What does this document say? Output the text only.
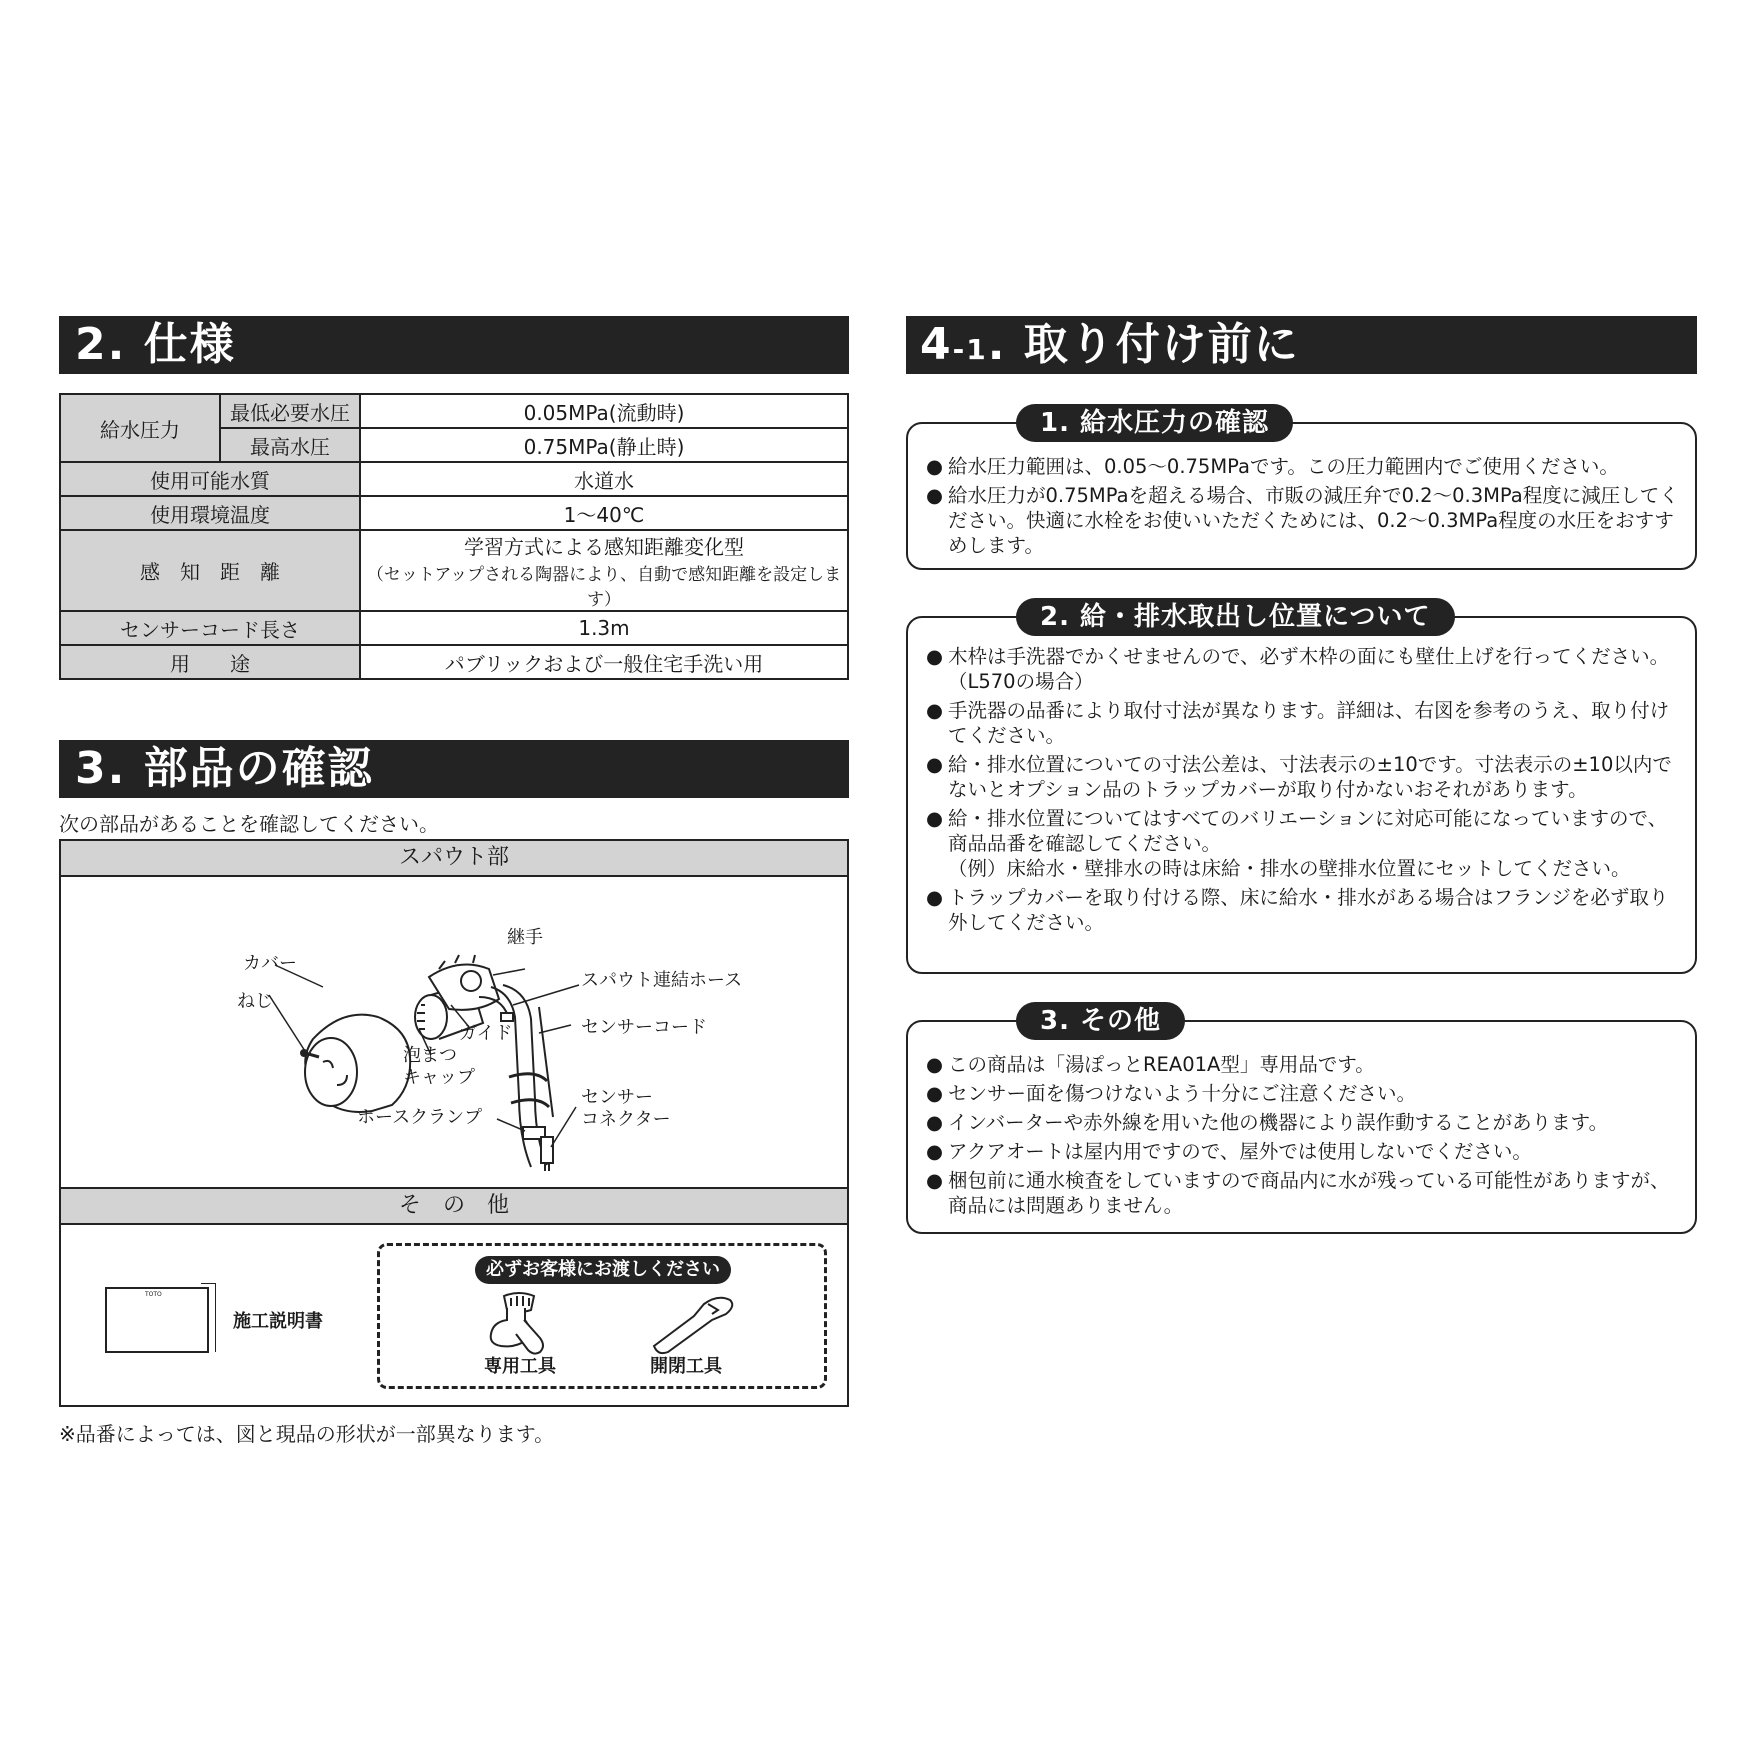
2. 仕様
給水圧力	最低必要水圧	0.05MPa(流動時)
	最高水圧	0.75MPa(静止時)
使用可能水質		水道水
使用環境温度		1～40℃
感　知　距　離		学習方式による感知距離変化型
（セットアップされる陶器により、自動で感知距離を設定します）

センサーコード長さ		1.3m
用　　途		パブリックおよび一般住宅手洗い用
3. 部品の確認
次の部品があることを確認してください。
スパウト部
カバー
ねじ
継手
スパウト連結ホース
ガイド	センサーコード
泡まつ
キャップ
ホースクランプ
センサー
コネクター
そ　の　他
TOTO
施工説明書
必ずお客様にお渡しください
専用工具	開閉工具
※品番によっては、図と現品の形状が一部異なります。
4-1. 取り付け前に
1. 給水圧力の確認
● 給水圧力範囲は、0.05～0.75MPaです。この圧力範囲内でご使用ください。
● 給水圧力が0.75MPaを超える場合、市販の減圧弁で0.2～0.3MPa程度に減圧してください。快適に水栓をお使いいただくためには、0.2～0.3MPa程度の水圧をおすすめします。
2. 給・排水取出し位置について
● 木枠は手洗器でかくせませんので、必ず木枠の面にも壁仕上げを行ってください。（L570の場合）
● 手洗器の品番により取付寸法が異なります。詳細は、右図を参考のうえ、取り付けてください。
● 給・排水位置についての寸法公差は、寸法表示の±10です。寸法表示の±10以内でないとオプション品のトラップカバーが取り付かないおそれがあります。
● 給・排水位置についてはすべてのバリエーションに対応可能になっていますので、商品品番を確認してください。
（例）床給水・壁排水の時は床給・排水の壁排水位置にセットしてください。
● トラップカバーを取り付ける際、床に給水・排水がある場合はフランジを必ず取り外してください。
3. その他
● この商品は「湯ぽっとREA01A型」専用品です。
● センサー面を傷つけないよう十分にご注意ください。
● インバーターや赤外線を用いた他の機器により誤作動することがあります。
● アクアオートは屋内用ですので、屋外では使用しないでください。
● 梱包前に通水検査をしていますので商品内に水が残っている可能性がありますが、商品には問題ありません。
